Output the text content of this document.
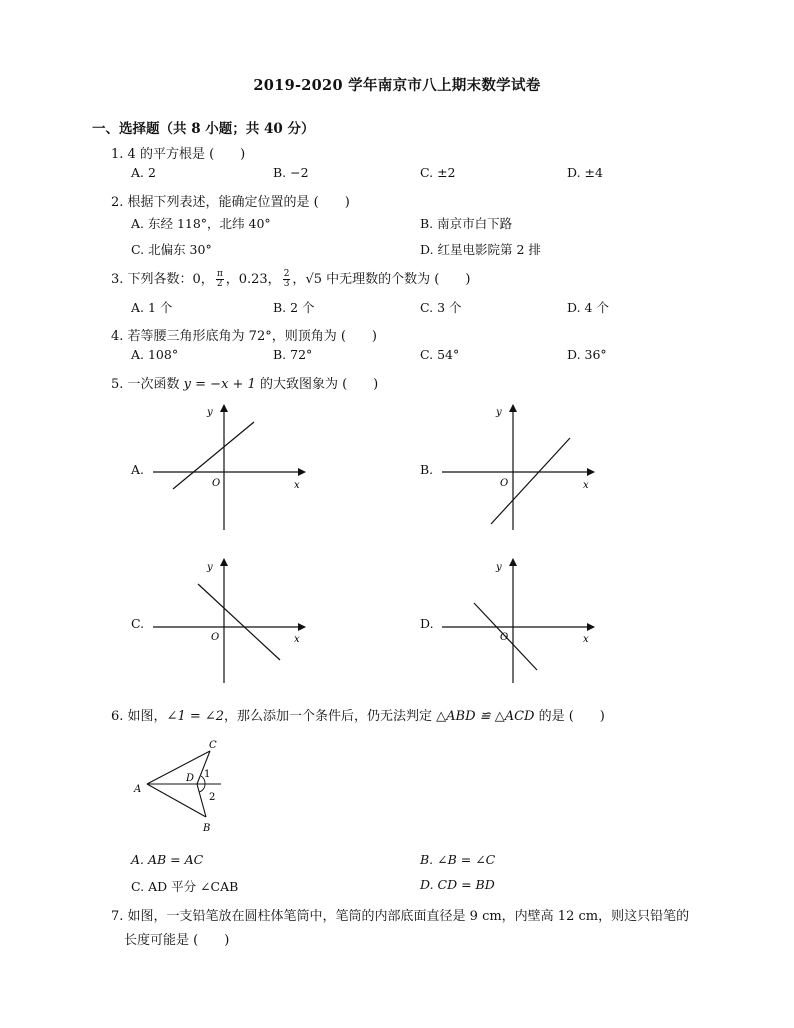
2019-2020 学年南京市八上期末数学试卷
一、选择题（共 8 小题；共 40 分）
1. 4 的平方根是 (　　)
A. 2	B. −2	C. ±2	D. ±4
2. 根据下列表述，能确定位置的是 (　　)
A. 东经 118°，北纬 40°	B. 南京市白下路
C. 北偏东 30°	D. 红星电影院第 2 排
3. 下列各数：0， $\frac{\pi}{2}$ ，0.23， $\frac{2}{3}$ ，√5 中无理数的个数为 (　　)
A. 1 个	B. 2 个	C. 3 个	D. 4 个
4. 若等腰三角形底角为 72°，则顶角为 (　　)
A. 108°	B. 72°	C. 54°	D. 36°
5. 一次函数 y = −x + 1 的大致图象为 (　　)
A.	B.
C.	D.
x
y
O	x
y
O
x
y
O	x
y
O
A
B
C
D 1
2
6. 如图，∠1 = ∠2，那么添加一个条件后，仍无法判定 △ABD ≌ △ACD 的是 (　　)
A. AB = AC	B. ∠B = ∠C
C. AD 平分 ∠CAB	D. CD = BD
7. 如图，一支铅笔放在圆柱体笔筒中，笔筒的内部底面直径是 9 cm，内壁高 12 cm，则这只铅笔的
长度可能是 (　　)
